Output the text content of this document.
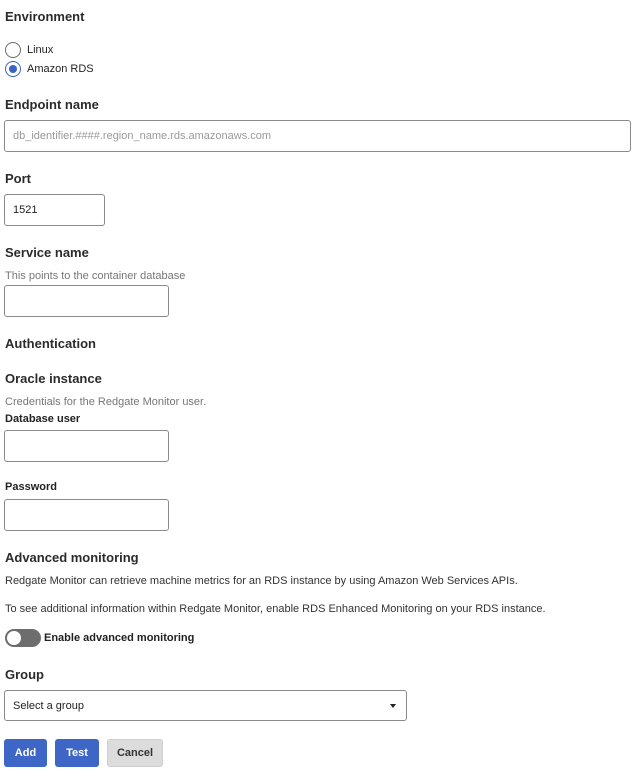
Environment
Linux
Amazon RDS
Endpoint name
db_identifier.####.region_name.rds.amazonaws.com
Port
1521
Service name
This points to the container database
Authentication
Oracle instance
Credentials for the Redgate Monitor user.
Database user
Password
Advanced monitoring
Redgate Monitor can retrieve machine metrics for an RDS instance by using Amazon Web Services APIs.
To see additional information within Redgate Monitor, enable RDS Enhanced Monitoring on your RDS instance.
Enable advanced monitoring
Group
Select a group
Add	Test	Cancel
